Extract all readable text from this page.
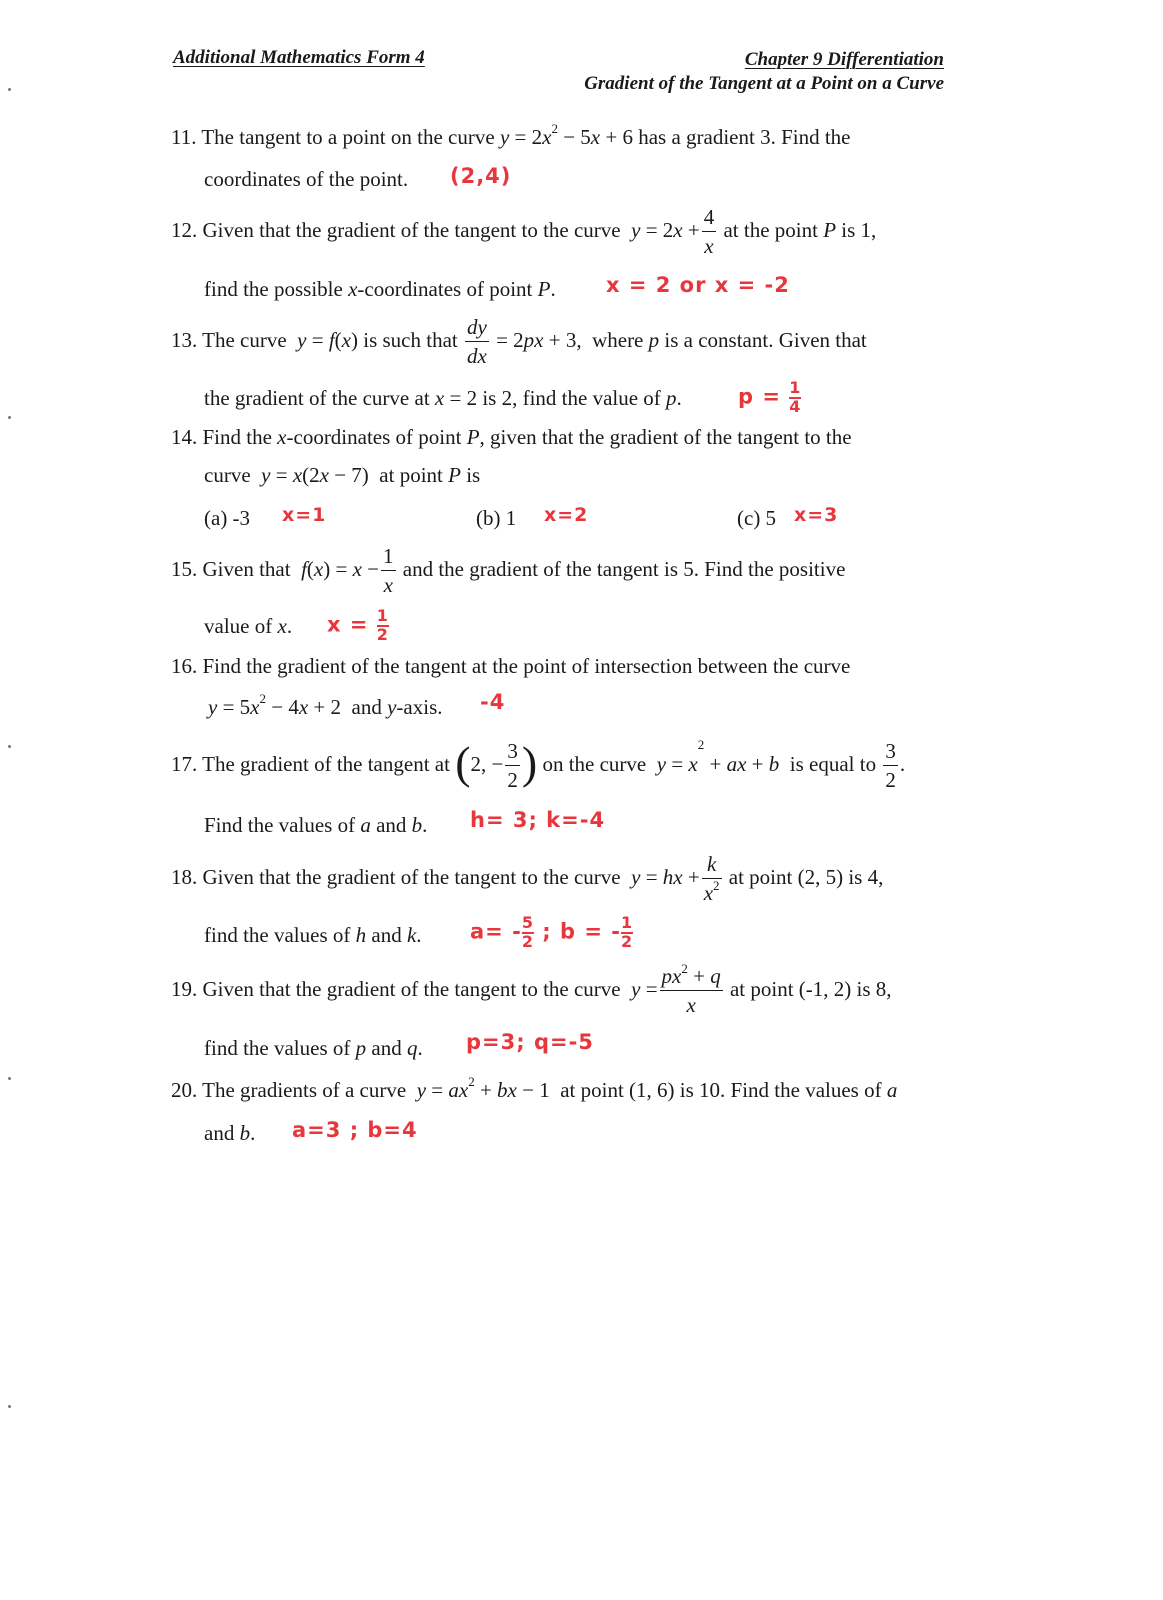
Additional Mathematics Form 4	Chapter 9 Differentiation
Gradient of the Tangent at a Point on a Curve
11. The tangent to a point on the curve $y = 2x^2 - 5x + 6$ has a gradient 3. Find the
coordinates of the point. (2,4)
12. Given that the gradient of the tangent to the curve  $y = 2x + \frac{4}{x}$ at the point P is 1,
find the possible x-coordinates of point P. x = 2 or x = -2
13. The curve  y = f(x) is such that $\frac{dy}{dx} = 2px + 3$,  where p is a constant. Given that
the gradient of the curve at x = 2 is 2, find the value of p.	$p = \frac{1}{4}$
14. Find the x-coordinates of point P, given that the gradient of the tangent to the
curve  y = x(2x − 7)  at point P is
(a) -3 x=1	(b) 1 x=2	(c) 5 x=3
15. Given that  $f(x) = x - \frac{1}{x}$ and the gradient of the tangent is 5. Find the positive
value of x. $x = \frac{1}{2}$
16. Find the gradient of the tangent at the point of intersection between the curve
$y = 5x^2 - 4x + 2$  and y-axis. -4
17. The gradient of the tangent at (2, − $\frac{3}{2}$ ) on the curve  $y = x^2$ + ax + b  is equal to $\frac{3}{2}$ .
Find the values of a and b. h= 3; k=-4
18. Given that the gradient of the tangent to the curve  y = hx + $\frac{k}{x^2}$ at point (2, 5) is 4,
find the values of h and k. $a= - \frac{5}{2}$ ; b = - $\frac{1}{2}$
19. Given that the gradient of the tangent to the curve  $y = \frac{px^2 + q}{x}$ at point (-1, 2) is 8,
find the values of p and q. p=3; q=-5
20. The gradients of a curve  $y = ax^2$ + bx − 1  at point (1, 6) is 10. Find the values of a
and b. a=3 ; b=4
